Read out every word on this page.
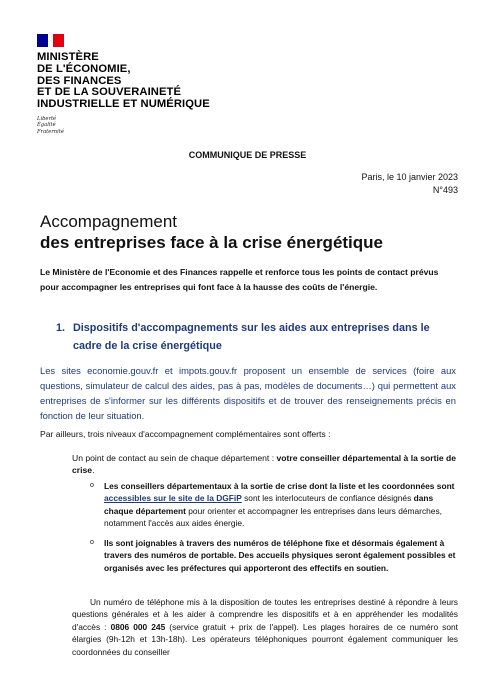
MINISTÈRE
DE L'ÉCONOMIE,
DES FINANCES
ET DE LA SOUVERAINETÉ
INDUSTRIELLE ET NUMÉRIQUE
Liberté
Égalité
Fraternité
COMMUNIQUE DE PRESSE
Paris, le 10 janvier 2023
N°493
Accompagnement
des entreprises face à la crise énergétique
Le Ministère de l'Economie et des Finances rappelle et renforce tous les points de contact prévus pour accompagner les entreprises qui font face à la hausse des coûts de l'énergie.
1. Dispositifs d'accompagnements sur les aides aux entreprises dans le cadre de la crise énergétique
Les sites economie.gouv.fr et impots.gouv.fr proposent un ensemble de services (foire aux questions, simulateur de calcul des aides, pas à pas, modèles de documents…) qui permettent aux entreprises de s'informer sur les différents dispositifs et de trouver des renseignements précis en fonction de leur situation.
Par ailleurs, trois niveaux d'accompagnement complémentaires sont offerts :
Un point de contact au sein de chaque département : votre conseiller départemental à la sortie de crise.
o	Les conseillers départementaux à la sortie de crise dont la liste et les coordonnées sont accessibles sur le site de la DGFiP sont les interlocuteurs de confiance désignés dans chaque département pour orienter et accompagner les entreprises dans leurs démarches, notamment l'accès aux aides énergie.
o	Ils sont joignables à travers des numéros de téléphone fixe et désormais également à travers des numéros de portable. Des accueils physiques seront également possibles et organisés avec les préfectures qui apporteront des effectifs en soutien.
Un numéro de téléphone mis à la disposition de toutes les entreprises destiné à répondre à leurs questions générales et à les aider à comprendre les dispositifs et à en appréhender les modalités d'accès : 0806 000 245 (service gratuit + prix de l'appel). Les plages horaires de ce numéro sont élargies (9h-12h et 13h-18h). Les opérateurs téléphoniques pourront également communiquer les coordonnées du conseiller
